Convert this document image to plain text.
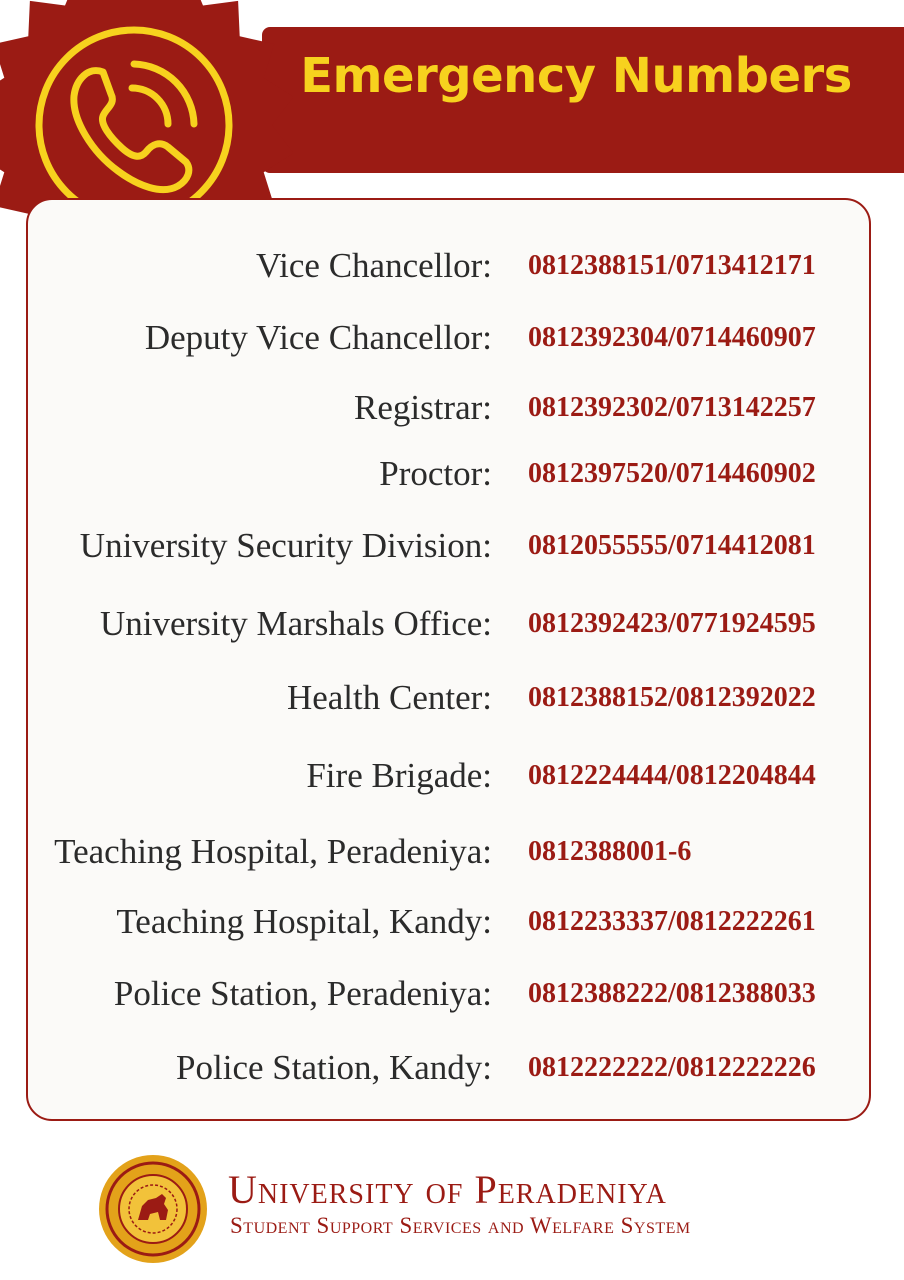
Emergency Numbers
Vice Chancellor: 0812388151/0713412171
Deputy Vice Chancellor: 0812392304/0714460907
Registrar: 0812392302/0713142257
Proctor: 0812397520/0714460902
University Security Division: 0812055555/0714412081
University Marshals Office: 0812392423/0771924595
Health Center: 0812388152/0812392022
Fire Brigade: 0812224444/0812204844
Teaching Hospital, Peradeniya: 0812388001-6
Teaching Hospital, Kandy: 0812233337/0812222261
Police Station, Peradeniya: 0812388222/0812388033
Police Station, Kandy: 0812222222/0812222226
University of Peradeniya
Student Support Services and Welfare System
